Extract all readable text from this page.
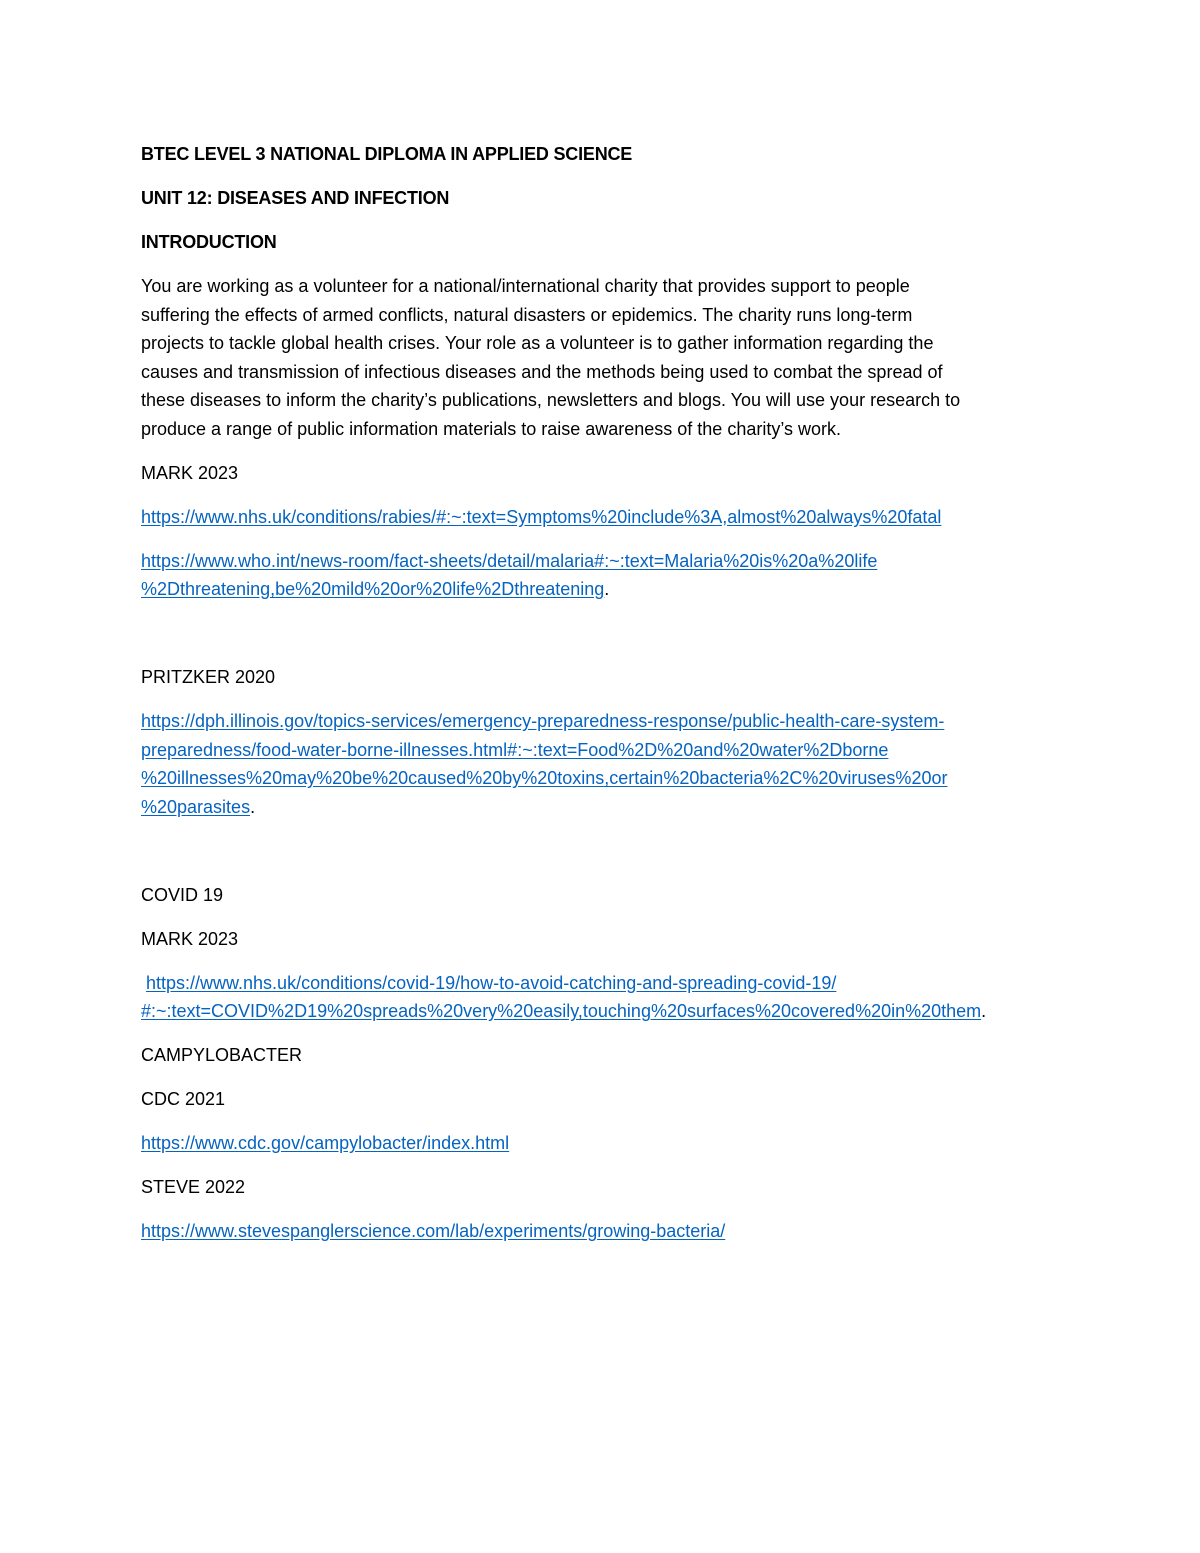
BTEC LEVEL 3 NATIONAL DIPLOMA IN APPLIED SCIENCE

UNIT 12: DISEASES AND INFECTION

INTRODUCTION

You are working as a volunteer for a national/international charity that provides support to people
suffering the effects of armed conflicts, natural disasters or epidemics. The charity runs long-term
projects to tackle global health crises. Your role as a volunteer is to gather information regarding the
causes and transmission of infectious diseases and the methods being used to combat the spread of
these diseases to inform the charity’s publications, newsletters and blogs. You will use your research to
produce a range of public information materials to raise awareness of the charity’s work.

MARK 2023

https://www.nhs.uk/conditions/rabies/#:~:text=Symptoms%20include%3A,almost%20always%20fatal

https://www.who.int/news-room/fact-sheets/detail/malaria#:~:text=Malaria%20is%20a%20life
%2Dthreatening,be%20mild%20or%20life%2Dthreatening.

PRITZKER 2020

https://dph.illinois.gov/topics-services/emergency-preparedness-response/public-health-care-system-
preparedness/food-water-borne-illnesses.html#:~:text=Food%2D%20and%20water%2Dborne
%20illnesses%20may%20be%20caused%20by%20toxins,certain%20bacteria%2C%20viruses%20or
%20parasites.

COVID 19

MARK 2023

https://www.nhs.uk/conditions/covid-19/how-to-avoid-catching-and-spreading-covid-19/
#:~:text=COVID%2D19%20spreads%20very%20easily,touching%20surfaces%20covered%20in%20them.

CAMPYLOBACTER

CDC 2021

https://www.cdc.gov/campylobacter/index.html

STEVE 2022

https://www.stevespanglerscience.com/lab/experiments/growing-bacteria/
